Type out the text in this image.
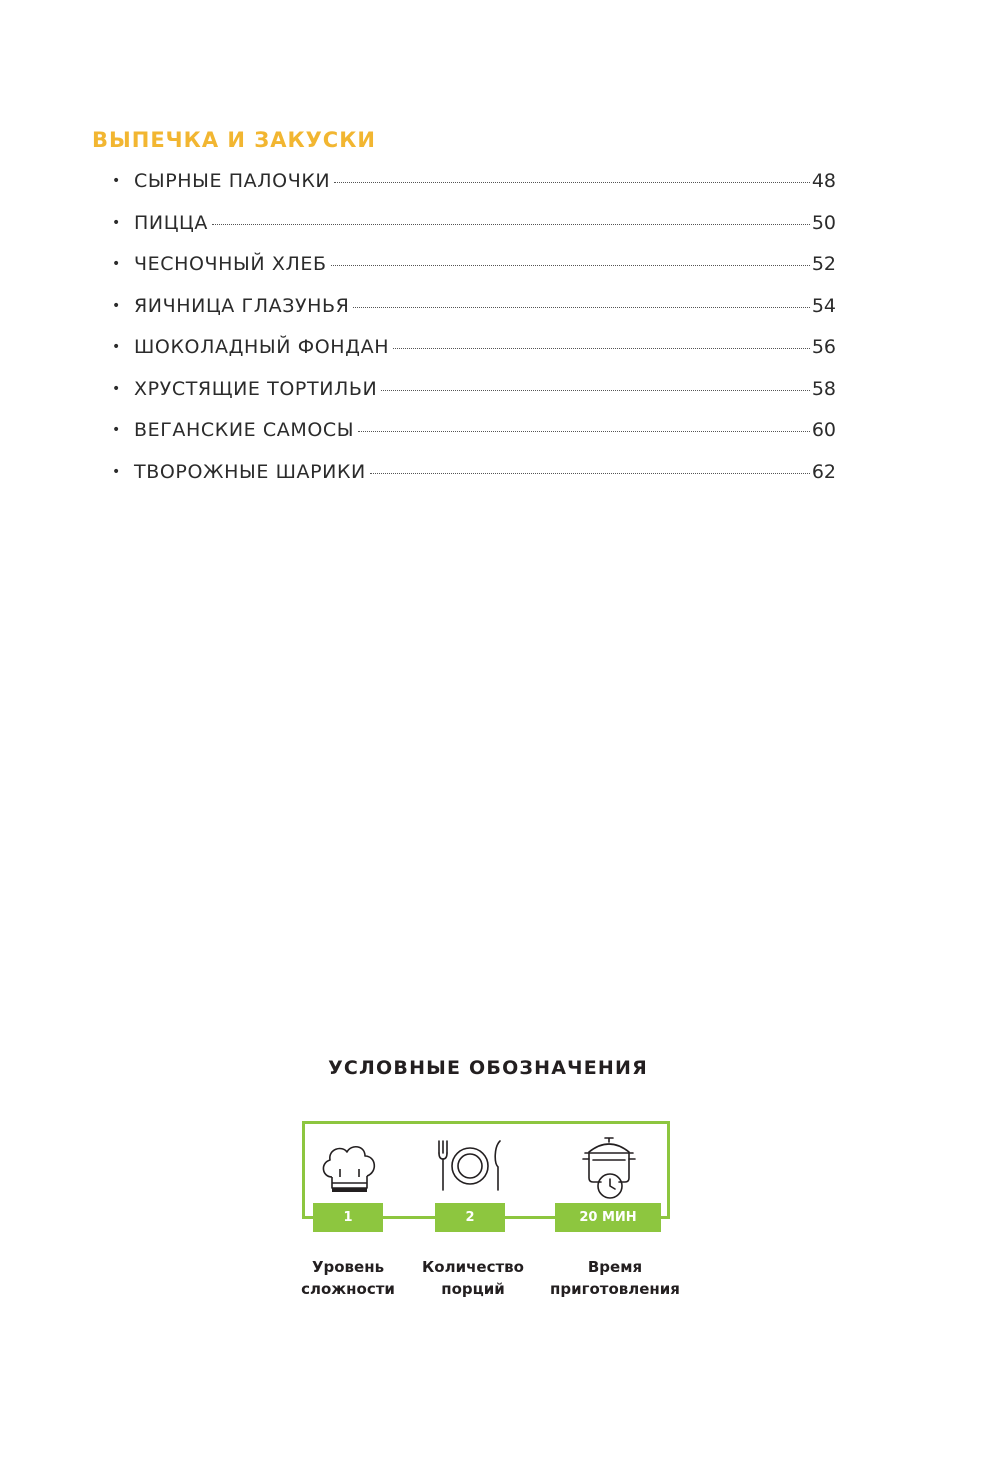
ВЫПЕЧКА И ЗАКУСКИ
• СЫРНЫЕ ПАЛОЧКИ	48
• ПИЦЦА	50
• ЧЕСНОЧНЫЙ ХЛЕБ	52
• ЯИЧНИЦА ГЛАЗУНЬЯ	54
• ШОКОЛАДНЫЙ ФОНДАН	56
• ХРУСТЯЩИЕ ТОРТИЛЬИ	58
• ВЕГАНСКИЕ САМОСЫ	60
• ТВОРОЖНЫЕ ШАРИКИ	62
УСЛОВНЫЕ ОБОЗНАЧЕНИЯ
1	2	20 МИН
Уровень
сложности
Количество
порций
Время
приготовления
